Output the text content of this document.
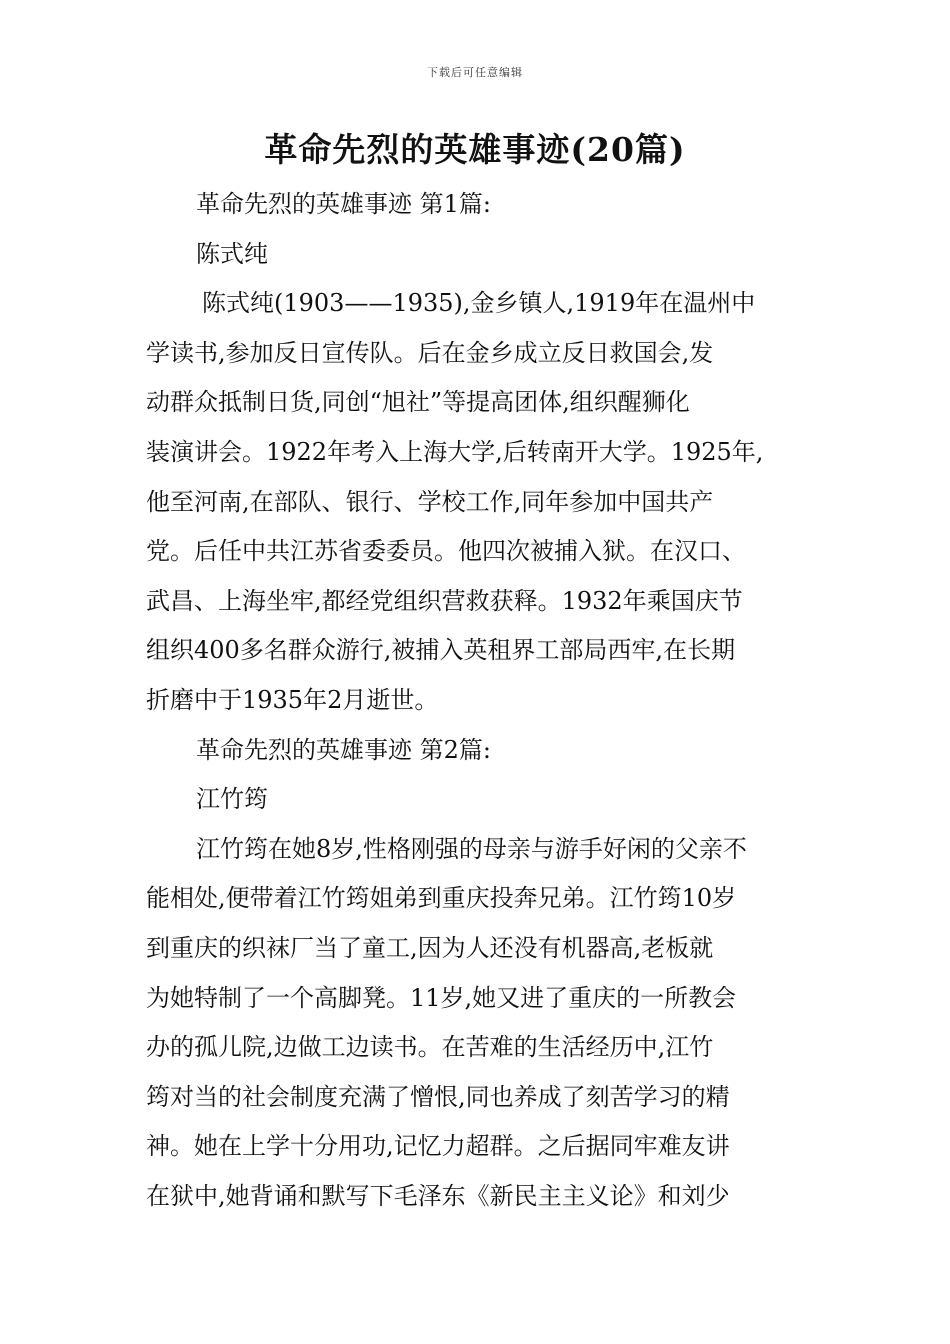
下载后可任意编辑
革命先烈的英雄事迹(20篇)

革命先烈的英雄事迹 第1篇:

陈式纯

陈式纯(1903——1935),金乡镇人,1919年在温州中

学读书,参加反日宣传队。后在金乡成立反日救国会,发

动群众抵制日货,同创“旭社”等提高团体,组织醒狮化

装演讲会。1922年考入上海大学,后转南开大学。1925年,

他至河南,在部队、银行、学校工作,同年参加中国共产

党。后任中共江苏省委委员。他四次被捕入狱。在汉口、

武昌、上海坐牢,都经党组织营救获释。1932年乘国庆节

组织400多名群众游行,被捕入英租界工部局西牢,在长期

折磨中于1935年2月逝世。

革命先烈的英雄事迹 第2篇:

江竹筠

江竹筠在她8岁,性格刚强的母亲与游手好闲的父亲不

能相处,便带着江竹筠姐弟到重庆投奔兄弟。江竹筠10岁

到重庆的织袜厂当了童工,因为人还没有机器高,老板就

为她特制了一个高脚凳。11岁,她又进了重庆的一所教会

办的孤儿院,边做工边读书。在苦难的生活经历中,江竹

筠对当的社会制度充满了憎恨,同也养成了刻苦学习的精

神。她在上学十分用功,记忆力超群。之后据同牢难友讲

在狱中,她背诵和默写下毛泽东《新民主主义论》和刘少
